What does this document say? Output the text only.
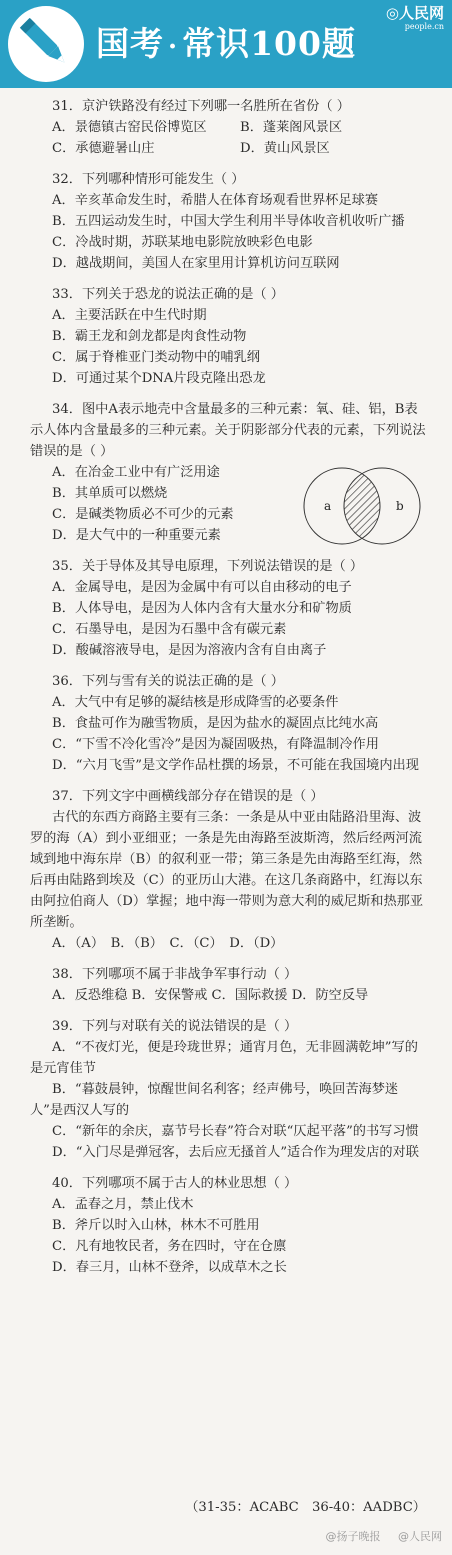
国考 · 常识100题
◎人民网
people.cn
31．京沪铁路没有经过下列哪一名胜所在省份（ ）
A．景德镇古窑民俗博览区	B．蓬莱阁风景区
C．承德避暑山庄	D．黄山风景区
32．下列哪种情形可能发生（ ）
A．辛亥革命发生时，希腊人在体育场观看世界杯足球赛
B．五四运动发生时，中国大学生利用半导体收音机收听广播
C．冷战时期，苏联某地电影院放映彩色电影
D．越战期间，美国人在家里用计算机访问互联网
33．下列关于恐龙的说法正确的是（ ）
A．主要活跃在中生代时期
B．霸王龙和剑龙都是肉食性动物
C．属于脊椎亚门类动物中的哺乳纲
D．可通过某个DNA片段克隆出恐龙
34．图中A表示地壳中含量最多的三种元素：氧、硅、铝，B表示人体内含量最多的三种元素。关于阴影部分代表的元素，下列说法错误的是（ ）
A．在冶金工业中有广泛用途
B．其单质可以燃烧
C．是碱类物质必不可少的元素
D．是大气中的一种重要元素
a	b
35．关于导体及其导电原理，下列说法错误的是（ ）
A．金属导电，是因为金属中有可以自由移动的电子
B．人体导电，是因为人体内含有大量水分和矿物质
C．石墨导电，是因为石墨中含有碳元素
D．酸碱溶液导电，是因为溶液内含有自由离子
36．下列与雪有关的说法正确的是（ ）
A．大气中有足够的凝结核是形成降雪的必要条件
B．食盐可作为融雪物质，是因为盐水的凝固点比纯水高
C．“下雪不冷化雪冷”是因为凝固吸热，有降温制冷作用
D．“六月飞雪”是文学作品杜撰的场景，不可能在我国境内出现
37．下列文字中画横线部分存在错误的是（ ）
古代的东西方商路主要有三条：一条是从中亚由陆路沿里海、波罗的海（A）到小亚细亚；一条是先由海路至波斯湾，然后经两河流域到地中海东岸（B）的叙利亚一带；第三条是先由海路至红海，然后再由陆路到埃及（C）的亚历山大港。在这几条商路中，红海以东由阿拉伯商人（D）掌握；地中海一带则为意大利的威尼斯和热那亚所垄断。
A．（A）　B．（B）　C．（C）　D．（D）
38．下列哪项不属于非战争军事行动（ ）
A．反恐维稳 B．安保警戒 C．国际救援 D．防空反导
39．下列与对联有关的说法错误的是（ ）
A．“不夜灯光，便是玲珑世界；通宵月色，无非圆满乾坤”写的是元宵佳节
B．“暮鼓晨钟，惊醒世间名利客；经声佛号，唤回苦海梦迷人”是西汉人写的
C．“新年的余庆，嘉节号长春”符合对联“仄起平落”的书写习惯
D．“入门尽是弹冠客，去后应无搔首人”适合作为理发店的对联
40．下列哪项不属于古人的林业思想（ ）
A．孟春之月，禁止伐木
B．斧斤以时入山林，林木不可胜用
C．凡有地牧民者，务在四时，守在仓廪
D．春三月，山林不登斧，以成草木之长
（31-35：ACABC　36-40：AADBC）
@扬子晚报 @人民网
